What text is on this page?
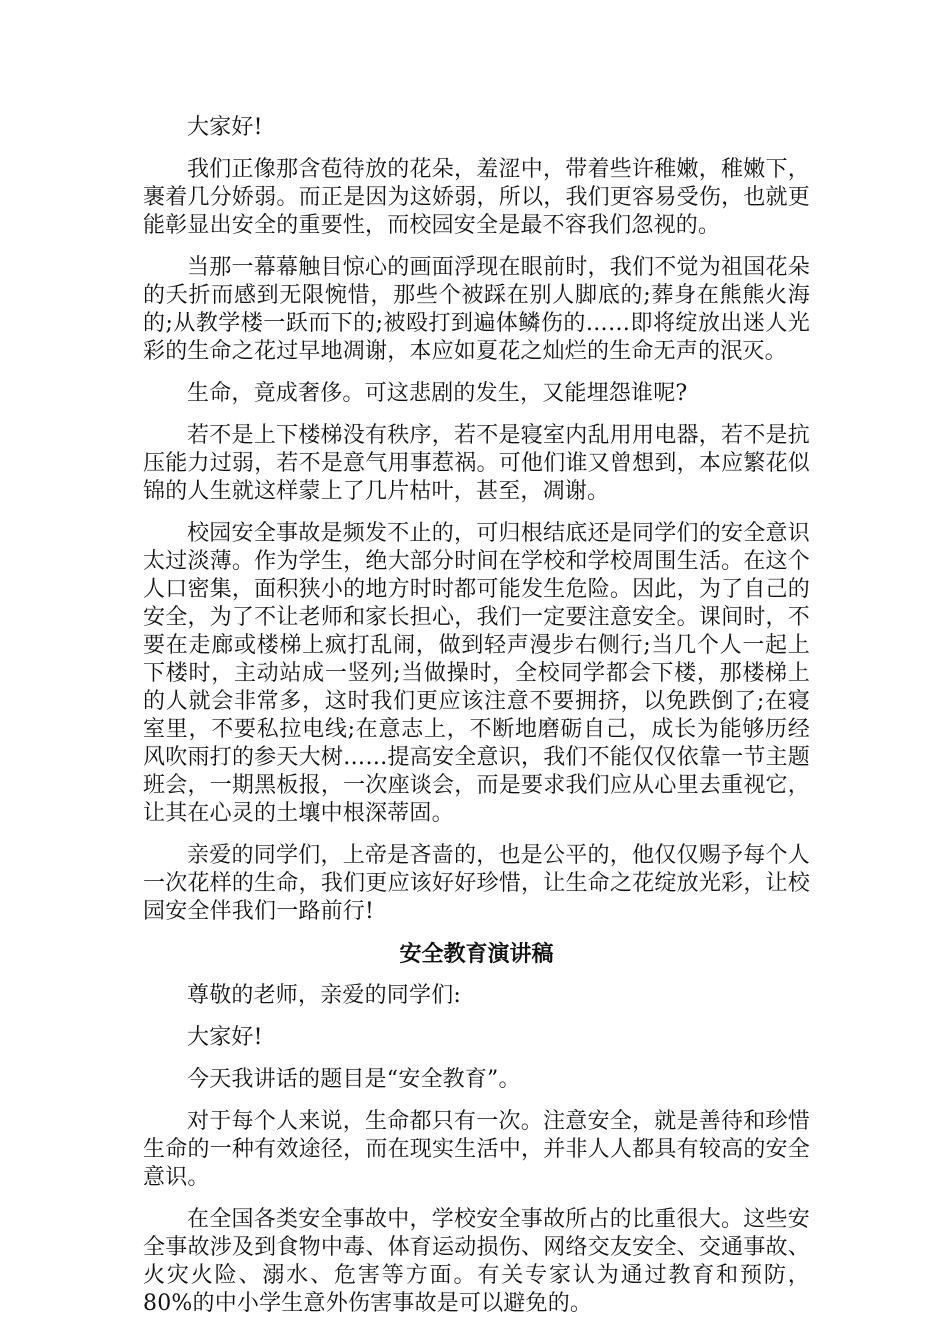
大家好!

我们正像那含苞待放的花朵，羞涩中，带着些许稚嫩，稚嫩下，裹着几分娇弱。而正是因为这娇弱，所以，我们更容易受伤，也就更能彰显出安全的重要性，而校园安全是最不容我们忽视的。

当那一幕幕触目惊心的画面浮现在眼前时，我们不觉为祖国花朵的夭折而感到无限惋惜，那些个被踩在别人脚底的;葬身在熊熊火海的;从教学楼一跃而下的;被殴打到遍体鳞伤的……即将绽放出迷人光彩的生命之花过早地凋谢，本应如夏花之灿烂的生命无声的泯灭。

生命，竟成奢侈。可这悲剧的发生，又能埋怨谁呢?

若不是上下楼梯没有秩序，若不是寝室内乱用用电器，若不是抗压能力过弱，若不是意气用事惹祸。可他们谁又曾想到，本应繁花似锦的人生就这样蒙上了几片枯叶，甚至，凋谢。

校园安全事故是频发不止的，可归根结底还是同学们的安全意识太过淡薄。作为学生，绝大部分时间在学校和学校周围生活。在这个人口密集，面积狭小的地方时时都可能发生危险。因此，为了自己的安全，为了不让老师和家长担心，我们一定要注意安全。课间时，不要在走廊或楼梯上疯打乱闹，做到轻声漫步右侧行;当几个人一起上下楼时，主动站成一竖列;当做操时，全校同学都会下楼，那楼梯上的人就会非常多，这时我们更应该注意不要拥挤，以免跌倒了;在寝室里，不要私拉电线;在意志上，不断地磨砺自己，成长为能够历经风吹雨打的参天大树……提高安全意识，我们不能仅仅依靠一节主题班会，一期黑板报，一次座谈会，而是要求我们应从心里去重视它，让其在心灵的土壤中根深蒂固。

亲爱的同学们，上帝是吝啬的，也是公平的，他仅仅赐予每个人一次花样的生命，我们更应该好好珍惜，让生命之花绽放光彩，让校园安全伴我们一路前行!

安全教育演讲稿

尊敬的老师，亲爱的同学们:

大家好!

今天我讲话的题目是“安全教育”。

对于每个人来说，生命都只有一次。注意安全，就是善待和珍惜生命的一种有效途径，而在现实生活中，并非人人都具有较高的安全意识。

在全国各类安全事故中，学校安全事故所占的比重很大。这些安全事故涉及到食物中毒、体育运动损伤、网络交友安全、交通事故、火灾火险、溺水、危害等方面。有关专家认为通过教育和预防，80%的中小学生意外伤害事故是可以避免的。
